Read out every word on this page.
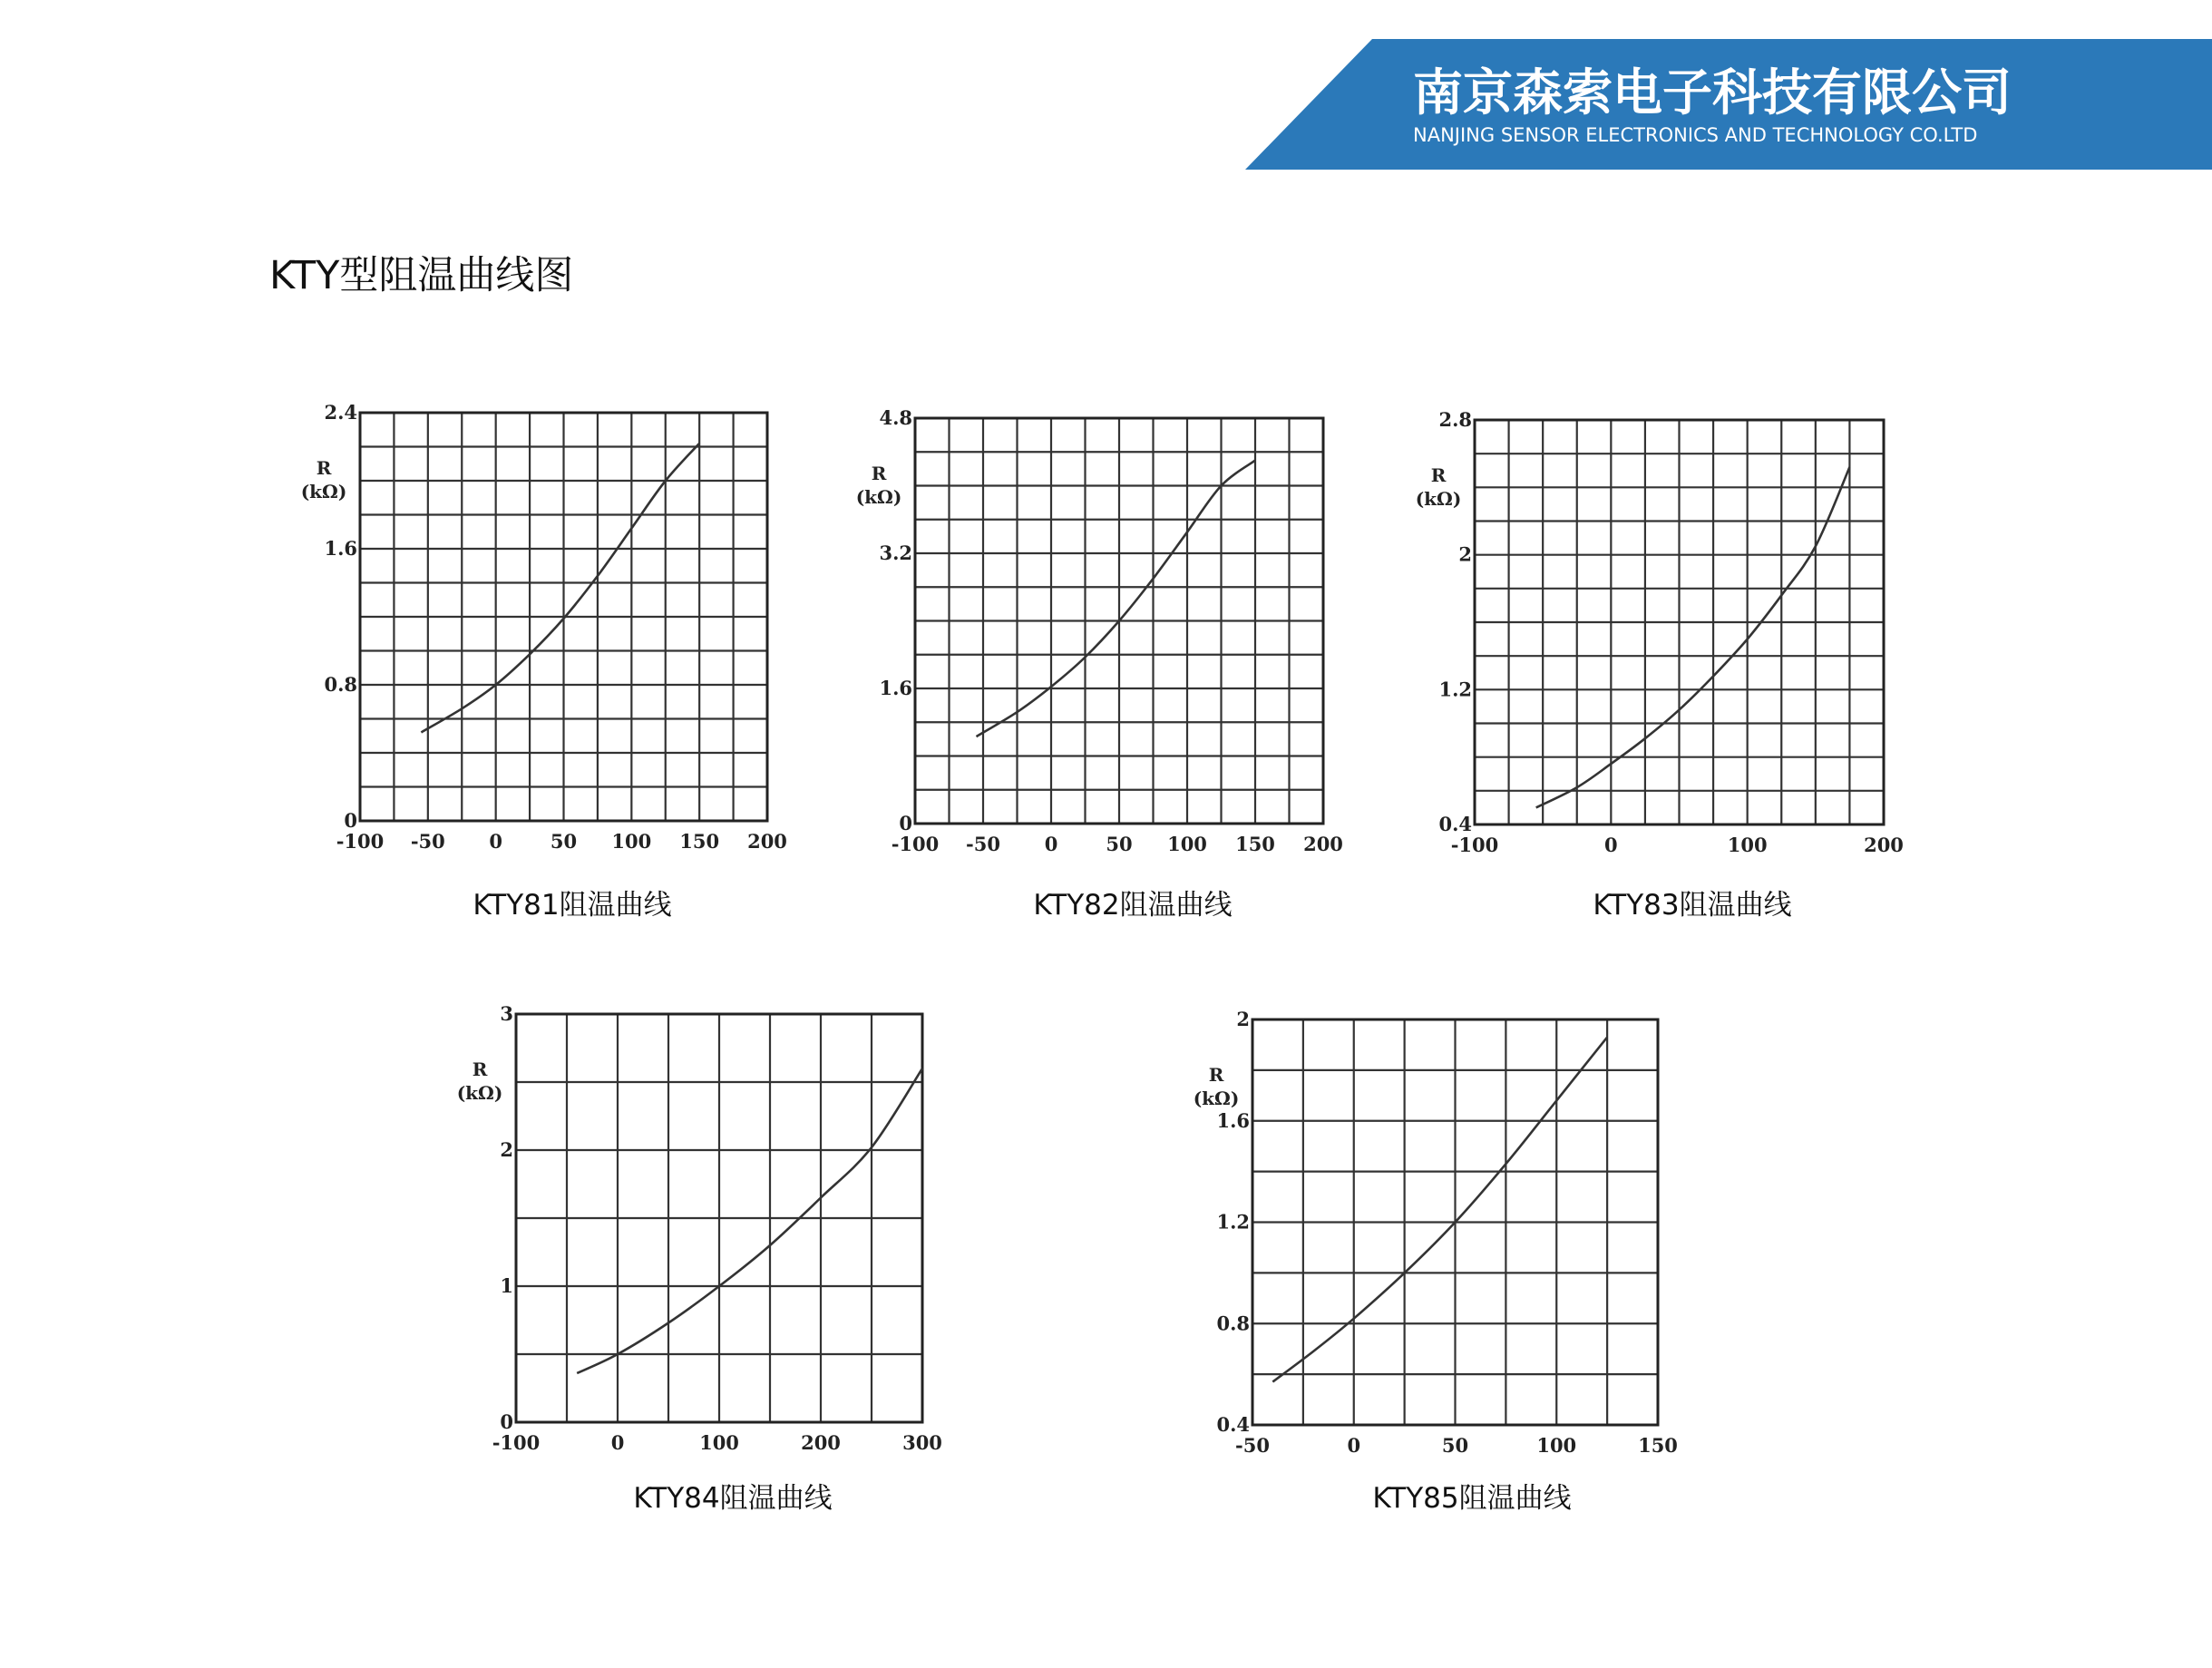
南京森索电子科技有限公司
NANJING SENSOR ELECTRONICS AND TECHNOLOGY CO.LTD
KTY型阻温曲线图
-100 -50 0	50 100 150 200
0
0.8
1.6
2.4
R (kΩ)
-100 -50 0	50 100 150 200
0
1.6
3.2
4.8
R (kΩ)
-100	0	100	200
0.4
1.2
2
2.8
R (kΩ)
-100	0	100	200	300
0
1
2
3
R (kΩ)
-50	0	50	100	150
0.4
0.8
1.2
1.6
2
R (kΩ)
KTY81阻温曲线	KTY82阻温曲线	KTY83阻温曲线
KTY84阻温曲线	KTY85阻温曲线
